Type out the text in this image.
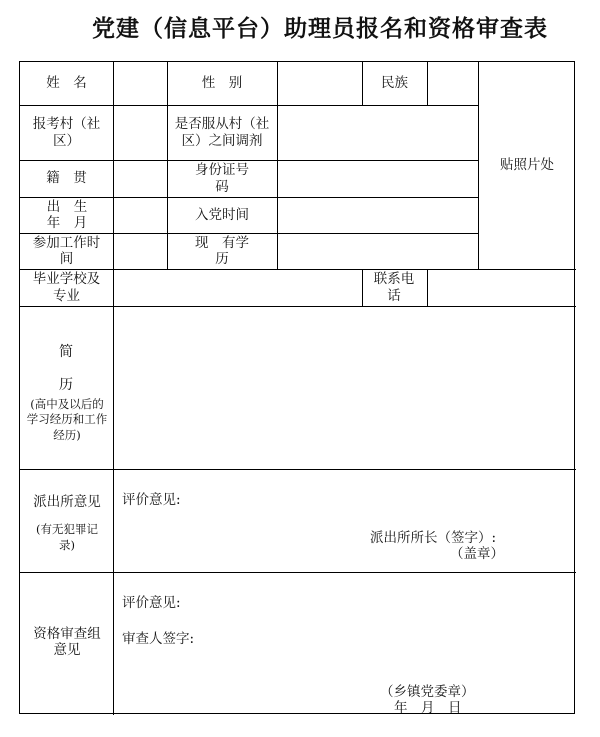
党建（信息平台）助理员报名和资格审查表
姓　名	性　别	民族
贴照片处
报考村（社区）
是否服从村（社区）之间调剂
籍　贯
身份证号　码
出　生年　月
入党时间
参加工作时间
现　有学　历
毕业学校及专业
联系电话
简
历
(高中及以后的学习经历和工作经历)
派出所意见
(有无犯罪记录)
评价意见:
派出所所长（签字）:
（盖章）
资格审查组意见
评价意见:
审查人签字:
（乡镇党委章）
年　月　日
